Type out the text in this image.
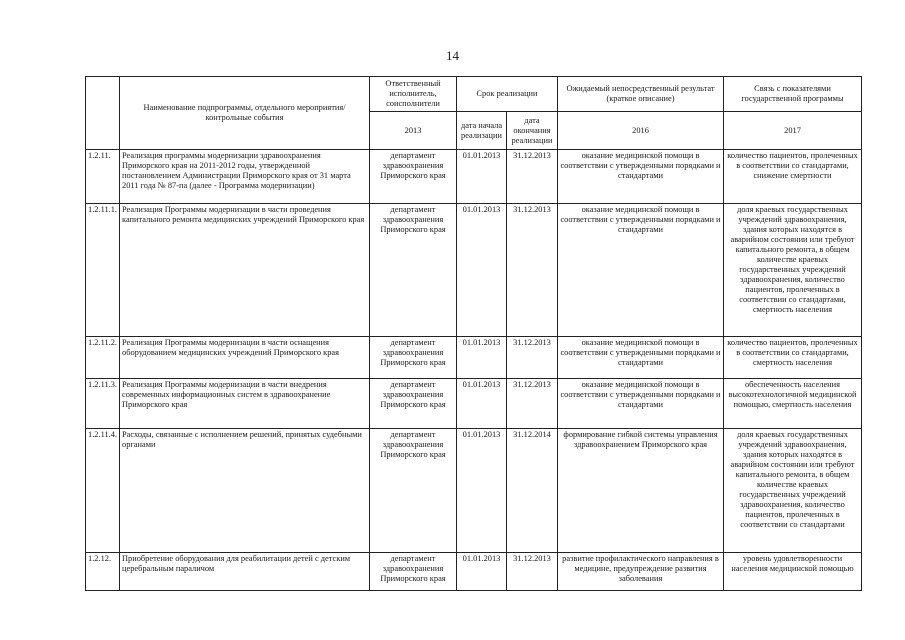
14
	Наименование подпрограммы, отдельного мероприятия/контрольные события	Ответственный исполнитель, соисполнители	Срок реализации		Ожидаемый непосредственный результат (краткое описание)	Связь с показателями государственной программы
		2013	дата начала реализации	дата окончания реализации	2016	2017
1.2.11.	Реализация программы модернизации здравоохранения Приморского края на 2011-2012 годы, утвержденной постановлением Администрации Приморского края от 31 марта 2011 года № 87-па (далее - Программа модернизации)	департамент здравоохранения Приморского края	01.01.2013	31.12.2013	оказание медицинской помощи в соответствии с утвержденными порядками и стандартами	количество пациентов, пролеченных в соответствии со стандартами, снижение смертности
1.2.11.1.	Реализация Программы модернизации в части проведения капитального ремонта медицинских учреждений Приморского края	департамент здравоохранения Приморского края	01.01.2013	31.12.2013	оказание медицинской помощи в соответствии с утвержденными порядками и стандартами	доля краевых государственных учреждений здравоохранения, здания которых находятся в аварийном состоянии или требуют капитального ремонта, в общем количестве краевых государственных учреждений здравоохранения, количество пациентов, пролеченных в соответствии со стандартами, смертность населения
1.2.11.2.	Реализация Программы модернизации в части оснащения оборудованием медицинских учреждений Приморского края	департамент здравоохранения Приморского края	01.01.2013	31.12.2013	оказание медицинской помощи в соответствии с утвержденными порядками и стандартами	количество пациентов, пролеченных в соответствии со стандартами, смертность населения
1.2.11.3.	Реализация Программы модернизации в части внедрения современных информационных систем в здравоохранение Приморского края	департамент здравоохранения Приморского края	01.01.2013	31.12.2013	оказание медицинской помощи в соответствии с утвержденными порядками и стандартами	обеспеченность населения высокотехнологичной медицинской помощью, смертность населения
1.2.11.4.	Расходы, связанные с исполнением решений, принятых судебными органами	департамент здравоохранения Приморского края	01.01.2013	31.12.2014	формирование гибкой системы управления здравоохранением Приморского края	доля краевых государственных учреждений здравоохранения, здания которых находятся в аварийном состоянии или требуют капитального ремонта, в общем количестве краевых государственных учреждений здравоохранения, количество пациентов, пролеченных в соответствии со стандартами
1.2.12.	Приобретение оборудования для реабилитации детей с детским церебральным параличом	департамент здравоохранения Приморского края	01.01.2013	31.12.2013	развитие профилактического направления в медицине, предупреждение развития заболевания	уровень удовлетворенности населения медицинской помощью
